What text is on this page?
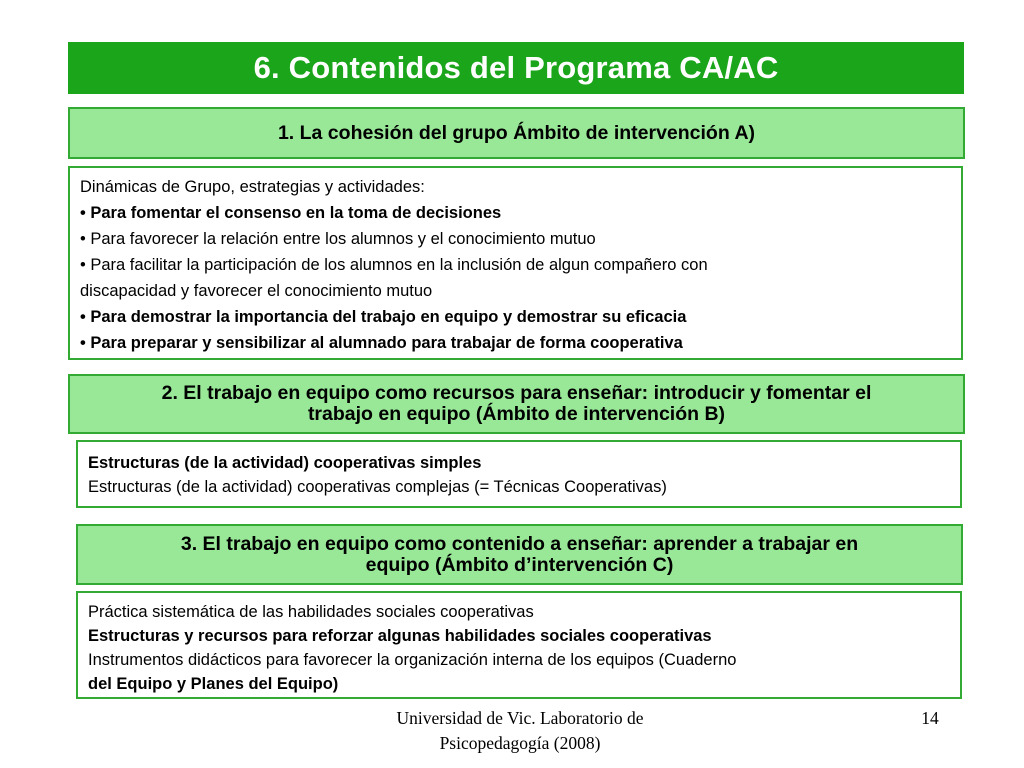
6. Contenidos del Programa CA/AC
1. La cohesión del grupo Ámbito de intervención A)
Dinámicas de Grupo, estrategias y actividades:
• Para fomentar el consenso en la toma de decisiones
• Para favorecer la relación entre los alumnos y el conocimiento mutuo
• Para facilitar la participación de los alumnos en la inclusión de algun compañero con
discapacidad y favorecer el conocimiento mutuo
• Para demostrar la importancia del trabajo en equipo y demostrar su eficacia
• Para preparar y sensibilizar al alumnado para trabajar de forma cooperativa
2. El trabajo en equipo como recursos para enseñar: introducir y fomentar el
trabajo en equipo (Ámbito de intervención B)
Estructuras (de la actividad) cooperativas simples
Estructuras (de la actividad) cooperativas complejas (= Técnicas Cooperativas)
3. El trabajo en equipo como contenido a enseñar: aprender a trabajar en
equipo (Ámbito d’intervención C)
Práctica sistemática de las habilidades sociales cooperativas
Estructuras y recursos para reforzar algunas habilidades sociales cooperativas
Instrumentos didácticos para favorecer la organización interna de los equipos (Cuaderno
del Equipo y Planes del Equipo)
Universidad de Vic. Laboratorio de
Psicopedagogía (2008)
14
